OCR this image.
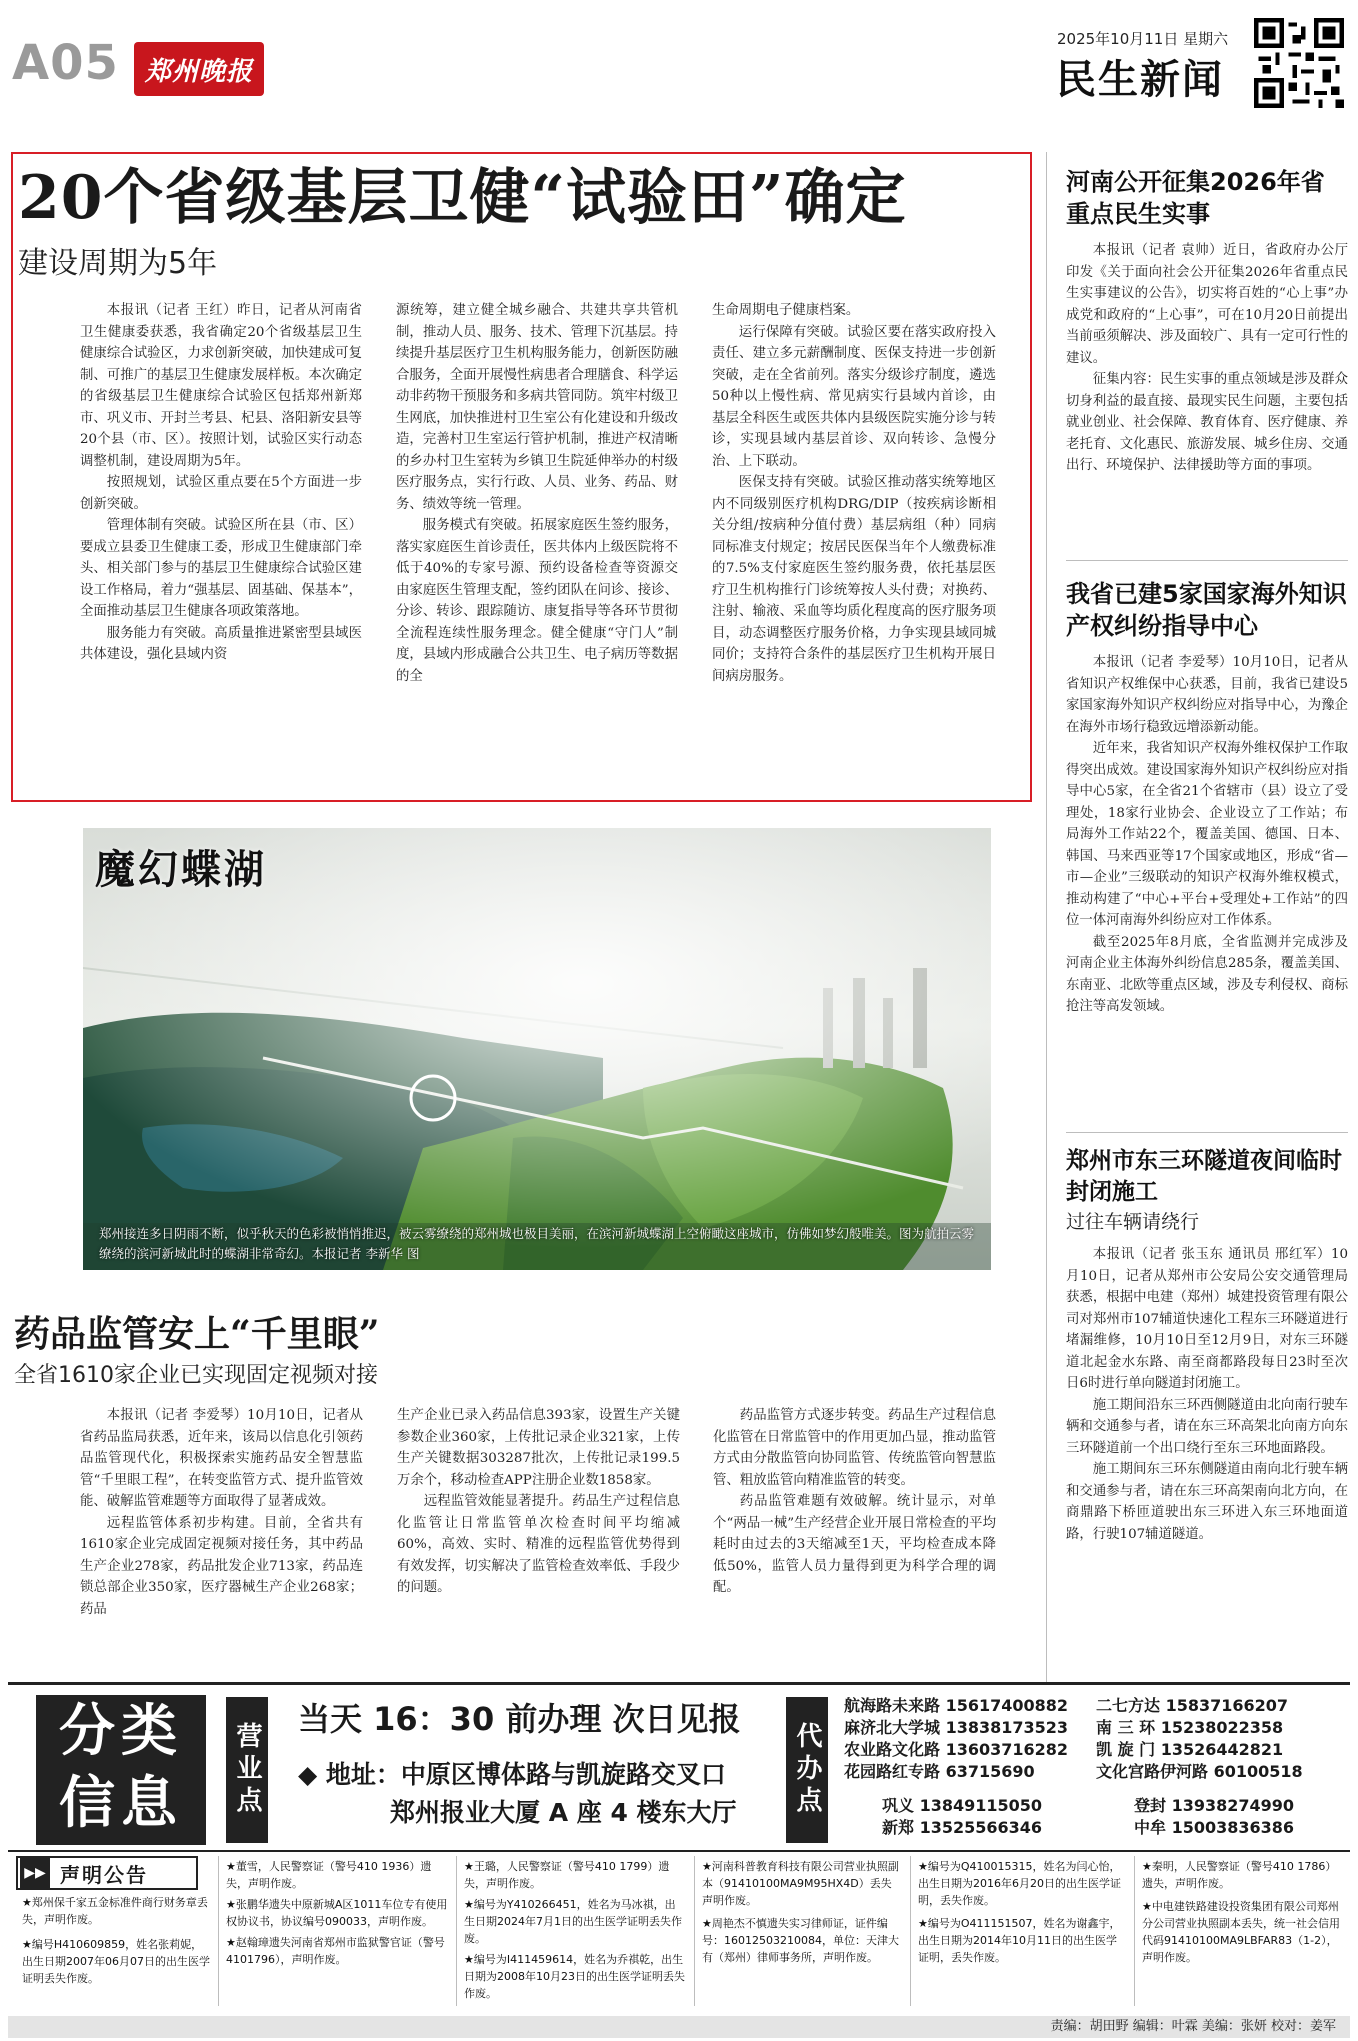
A05 郑州晚报
2025年10月11日 星期六
民生新闻
20个省级基层卫健“试验田”确定
建设周期为5年

本报讯（记者 王红）昨日，记者从河南省卫生健康委获悉，我省确定20个省级基层卫生健康综合试验区，力求创新突破，加快建成可复制、可推广的基层卫生健康发展样板。本次确定的省级基层卫生健康综合试验区包括郑州新郑市、巩义市、开封兰考县、杞县、洛阳新安县等20个县（市、区）。按照计划，试验区实行动态调整机制，建设周期为5年。

按照规划，试验区重点要在5个方面进一步创新突破。

管理体制有突破。试验区所在县（市、区）要成立县委卫生健康工委，形成卫生健康部门牵头、相关部门参与的基层卫生健康综合试验区建设工作格局，着力“强基层、固基础、保基本”，全面推动基层卫生健康各项政策落地。

服务能力有突破。高质量推进紧密型县域医共体建设，强化县域内资

源统筹，建立健全城乡融合、共建共享共管机制，推动人员、服务、技术、管理下沉基层。持续提升基层医疗卫生机构服务能力，创新医防融合服务，全面开展慢性病患者合理膳食、科学运动非药物干预服务和多病共管同防。筑牢村级卫生网底，加快推进村卫生室公有化建设和升级改造，完善村卫生室运行管护机制，推进产权清晰的乡办村卫生室转为乡镇卫生院延伸举办的村级医疗服务点，实行行政、人员、业务、药品、财务、绩效等统一管理。

服务模式有突破。拓展家庭医生签约服务，落实家庭医生首诊责任，医共体内上级医院将不低于40%的专家号源、预约设备检查等资源交由家庭医生管理支配，签约团队在问诊、接诊、分诊、转诊、跟踪随访、康复指导等各环节贯彻全流程连续性服务理念。健全健康“守门人”制度，县域内形成融合公共卫生、电子病历等数据的全

生命周期电子健康档案。

运行保障有突破。试验区要在落实政府投入责任、建立多元薪酬制度、医保支持进一步创新突破，走在全省前列。落实分级诊疗制度，遴选50种以上慢性病、常见病实行县域内首诊，由基层全科医生或医共体内县级医院实施分诊与转诊，实现县域内基层首诊、双向转诊、急慢分治、上下联动。

医保支持有突破。试验区推动落实统筹地区内不同级别医疗机构DRG/DIP（按疾病诊断相关分组/按病种分值付费）基层病组（种）同病同标准支付规定；按居民医保当年个人缴费标准的7.5%支付家庭医生签约服务费，依托基层医疗卫生机构推行门诊统筹按人头付费；对换药、注射、输液、采血等均质化程度高的医疗服务项目，动态调整医疗服务价格，力争实现县域同城同价；支持符合条件的基层医疗卫生机构开展日间病房服务。

魔幻蝶湖
郑州接连多日阴雨不断，似乎秋天的色彩被悄悄推迟，被云雾缭绕的郑州城也极目美丽，在滨河新城蝶湖上空俯瞰这座城市，仿佛如梦幻般唯美。图为航拍云雾缭绕的滨河新城此时的蝶湖非常奇幻。本报记者 李新华 图
药品监管安上“千里眼”
全省1610家企业已实现固定视频对接

本报讯（记者 李爱琴）10月10日，记者从省药品监局获悉，近年来，该局以信息化引领药品监管现代化，积极探索实施药品安全智慧监管“千里眼工程”，在转变监管方式、提升监管效能、破解监管难题等方面取得了显著成效。

远程监管体系初步构建。目前，全省共有1610家企业完成固定视频对接任务，其中药品生产企业278家，药品批发企业713家，药品连锁总部企业350家，医疗器械生产企业268家；药品

生产企业已录入药品信息393家，设置生产关键参数企业360家，上传批记录企业321家，上传生产关键数据303287批次，上传批记录199.5万余个，移动检查APP注册企业数1858家。

远程监管效能显著提升。药品生产过程信息化监管让日常监管单次检查时间平均缩减60%，高效、实时、精准的远程监管优势得到有效发挥，切实解决了监管检查效率低、手段少的问题。

药品监管方式逐步转变。药品生产过程信息化监管在日常监管中的作用更加凸显，推动监管方式由分散监管向协同监管、传统监管向智慧监管、粗放监管向精准监管的转变。

药品监管难题有效破解。统计显示，对单个“两品一械”生产经营企业开展日常检查的平均耗时由过去的3天缩减至1天，平均检查成本降低50%，监管人员力量得到更为科学合理的调配。

河南公开征集2026年省重点民生实事

本报讯（记者 袁帅）近日，省政府办公厅印发《关于面向社会公开征集2026年省重点民生实事建议的公告》，切实将百姓的“心上事”办成党和政府的“上心事”，可在10月20日前提出当前亟须解决、涉及面较广、具有一定可行性的建议。

征集内容：民生实事的重点领域是涉及群众切身利益的最直接、最现实民生问题，主要包括就业创业、社会保障、教育体育、医疗健康、养老托育、文化惠民、旅游发展、城乡住房、交通出行、环境保护、法律援助等方面的事项。

我省已建5家国家海外知识产权纠纷指导中心

本报讯（记者 李爱琴）10月10日，记者从省知识产权维保中心获悉，目前，我省已建设5家国家海外知识产权纠纷应对指导中心，为豫企在海外市场行稳致远增添新动能。

近年来，我省知识产权海外维权保护工作取得突出成效。建设国家海外知识产权纠纷应对指导中心5家，在全省21个省辖市（县）设立了受理处，18家行业协会、企业设立了工作站；布局海外工作站22个，覆盖美国、德国、日本、韩国、马来西亚等17个国家或地区，形成“省—市—企业”三级联动的知识产权海外维权模式，推动构建了“中心+平台+受理处+工作站”的四位一体河南海外纠纷应对工作体系。

截至2025年8月底，全省监测并完成涉及河南企业主体海外纠纷信息285条，覆盖美国、东南亚、北欧等重点区域，涉及专利侵权、商标抢注等高发领域。

郑州市东三环隧道夜间临时封闭施工
过往车辆请绕行

本报讯（记者 张玉东 通讯员 邢红军）10月10日，记者从郑州市公安局公安交通管理局获悉，根据中电建（郑州）城建投资管理有限公司对郑州市107辅道快速化工程东三环隧道进行堵漏维修，10月10日至12月9日，对东三环隧道北起金水东路、南至商都路段每日23时至次日6时进行单向隧道封闭施工。

施工期间沿东三环西侧隧道由北向南行驶车辆和交通参与者，请在东三环高架北向南方向东三环隧道前一个出口绕行至东三环地面路段。

施工期间东三环东侧隧道由南向北行驶车辆和交通参与者，请在东三环高架南向北方向，在商鼎路下桥匝道驶出东三环进入东三环地面道路，行驶107辅道隧道。

分类
信息	营业点
当天 16：30 前办理 次日见报
◆ 地址：中原区博体路与凯旋路交叉口
郑州报业大厦 A 座 4 楼东大厅 代办点
航海路未来路 15617400882	二七方达 15837166207
麻济北大学城 13838173523	南 三 环 15238022358
农业路文化路 13603716282	凯 旋 门 13526442821
花园路红专路 63715690	文化宫路伊河路 60100518
巩义 13849115050	登封 13938274990
新郑 13525566346	中牟 15003836386
▶▶ 声明公告

★郑州保千家五金标准件商行财务章丢失，声明作废。

★编号H410609859，姓名张莉妮，出生日期2007年06月07日的出生医学证明丢失作废。

★董雪，人民警察证（警号410 1936）遗失，声明作废。

★张鹏华遗失中原新城A区1011车位专有使用权协议书，协议编号090033，声明作废。

★赵翰璋遗失河南省郑州市监狱警官证（警号4101796），声明作废。

★王璐，人民警察证（警号410 1799）遗失，声明作废。

★编号为Y410266451，姓名为马冰祺，出生日期2024年7月1日的出生医学证明丢失作废。

★编号为I411459614，姓名为乔祺乾，出生日期为2008年10月23日的出生医学证明丢失作废。

★河南科普教育科技有限公司营业执照副本（91410100MA9M95HX4D）丢失声明作废。

★周艳杰不慎遗失实习律师证，证件编号：16012503210084，单位：天津大有（郑州）律师事务所，声明作废。

★编号为Q410015315，姓名为闫心怡，出生日期为2016年6月20日的出生医学证明，丢失作废。

★编号为O411151507，姓名为谢鑫宇，出生日期为2014年10月11日的出生医学证明，丢失作废。

★秦明，人民警察证（警号410 1786）遗失，声明作废。

★中电建铁路建设投资集团有限公司郑州分公司营业执照副本丢失，统一社会信用代码91410100MA9LBFAR83（1-2），声明作废。

责编：胡田野 编辑：叶霖 美编：张妍 校对：姜军
